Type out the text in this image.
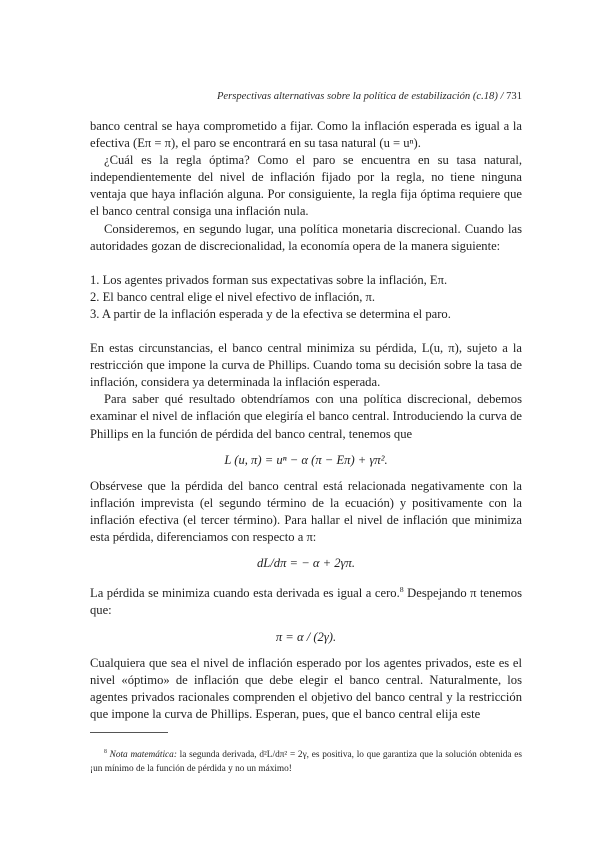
Perspectivas alternativas sobre la política de estabilización (c.18) / 731

banco central se haya comprometido a fijar. Como la inflación esperada es igual a la efectiva (Eπ = π), el paro se encontrará en su tasa natural (u = uⁿ).

¿Cuál es la regla óptima? Como el paro se encuentra en su tasa natural, independientemente del nivel de inflación fijado por la regla, no tiene ninguna ventaja que haya inflación alguna. Por consiguiente, la regla fija óptima requiere que el banco central consiga una inflación nula.

Consideremos, en segundo lugar, una política monetaria discrecional. Cuando las autoridades gozan de discrecionalidad, la economía opera de la manera siguiente:

1. Los agentes privados forman sus expectativas sobre la inflación, Eπ.
2. El banco central elige el nivel efectivo de inflación, π.
3. A partir de la inflación esperada y de la efectiva se determina el paro.

En estas circunstancias, el banco central minimiza su pérdida, L(u, π), sujeto a la restricción que impone la curva de Phillips. Cuando toma su decisión sobre la tasa de inflación, considera ya determinada la inflación esperada.

Para saber qué resultado obtendríamos con una política discrecional, debemos examinar el nivel de inflación que elegiría el banco central. Introduciendo la curva de Phillips en la función de pérdida del banco central, tenemos que

L (u, π) = uⁿ − α (π − Eπ) + γπ².

Obsérvese que la pérdida del banco central está relacionada negativamente con la inflación imprevista (el segundo término de la ecuación) y positivamente con la inflación efectiva (el tercer término). Para hallar el nivel de inflación que minimiza esta pérdida, diferenciamos con respecto a π:

dL/dπ = − α + 2γπ.

La pérdida se minimiza cuando esta derivada es igual a cero.$^8$ Despejando π tenemos que:

π = α / (2γ).

Cualquiera que sea el nivel de inflación esperado por los agentes privados, este es el nivel «óptimo» de inflación que debe elegir el banco central. Naturalmente, los agentes privados racionales comprenden el objetivo del banco central y la restricción que impone la curva de Phillips. Esperan, pues, que el banco central elija este

$^8$ Nota matemática: la segunda derivada, d²L/dπ² = 2γ, es positiva, lo que garantiza que la solución obtenida es ¡un mínimo de la función de pérdida y no un máximo!
